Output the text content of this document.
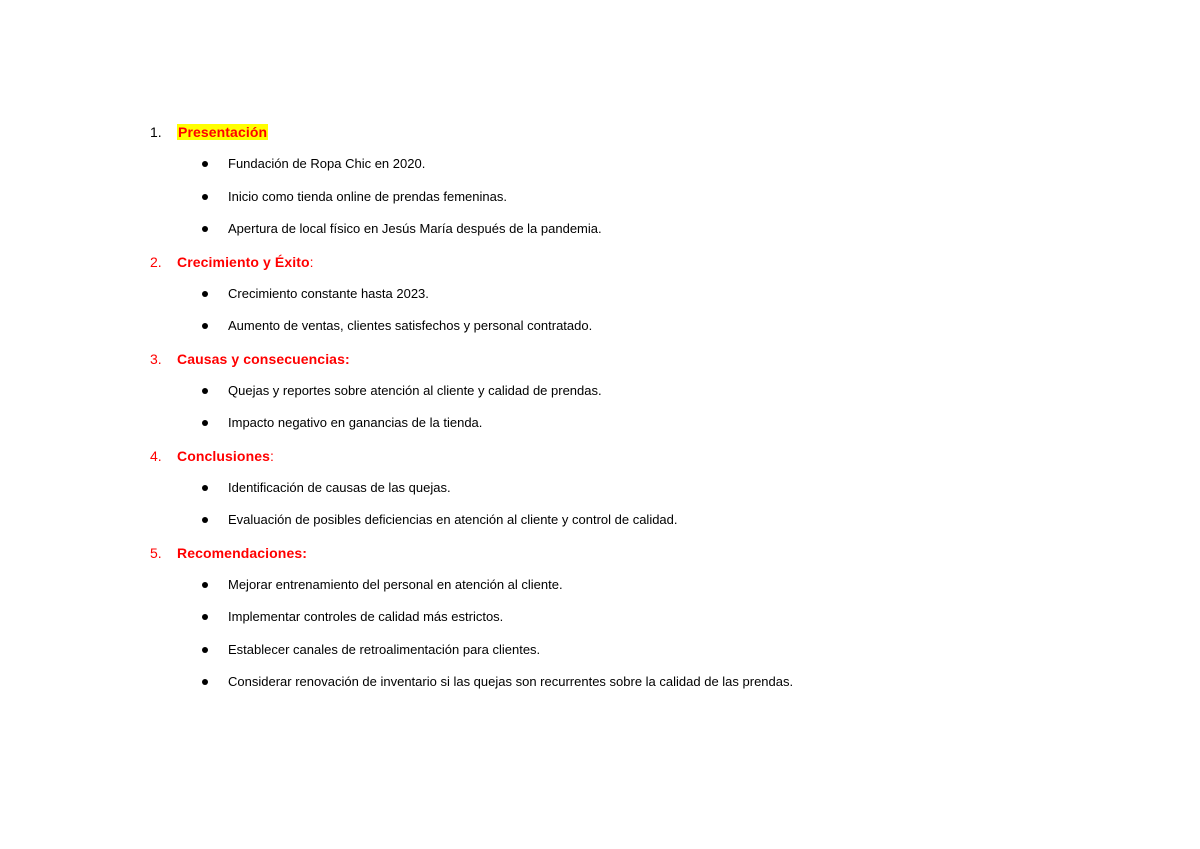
1.	Presentación
Fundación de Ropa Chic en 2020.
Inicio como tienda online de prendas femeninas.
Apertura de local físico en Jesús María después de la pandemia.
2.	Crecimiento y Éxito:
Crecimiento constante hasta 2023.
Aumento de ventas, clientes satisfechos y personal contratado.
3.	Causas y consecuencias:
Quejas y reportes sobre atención al cliente y calidad de prendas.
Impacto negativo en ganancias de la tienda.
4.	Conclusiones:
Identificación de causas de las quejas.
Evaluación de posibles deficiencias en atención al cliente y control de calidad.
5.	Recomendaciones:
Mejorar entrenamiento del personal en atención al cliente.
Implementar controles de calidad más estrictos.
Establecer canales de retroalimentación para clientes.
Considerar renovación de inventario si las quejas son recurrentes sobre la calidad de las prendas.
